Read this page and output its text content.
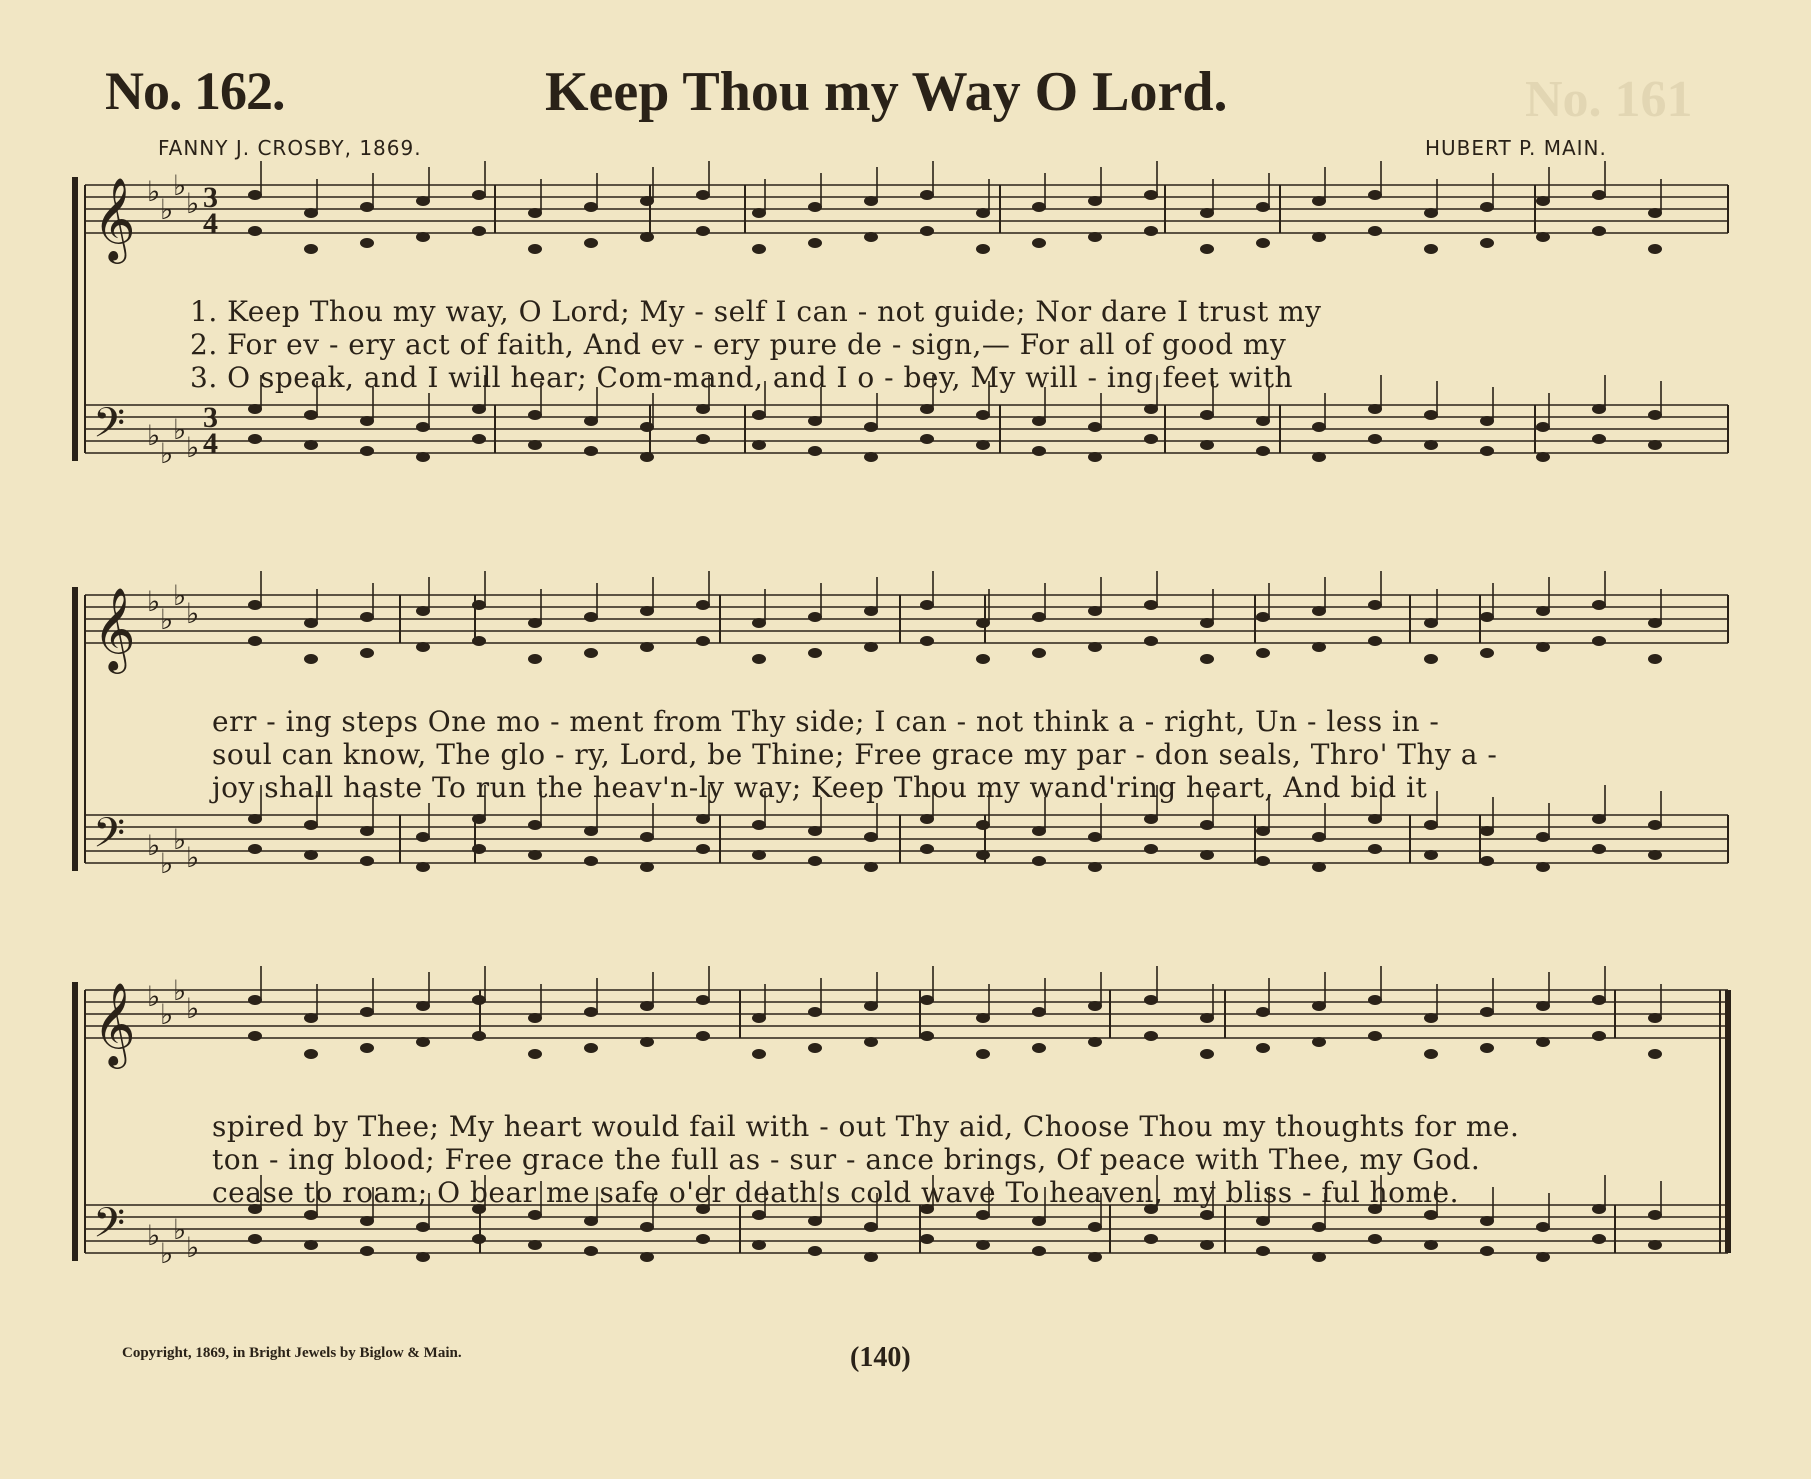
No. 161
No. 162.	Keep Thou my Way O Lord.
FANNY J. CROSBY, 1869.	HUBERT P. MAIN.
𝄞 ♭
♭
♭
♭ 3
4
𝄢 ♭
♭
♭
♭
3
4
𝄞 ♭
♭
♭
♭
𝄢 ♭
♭
♭
♭
𝄞 ♭
♭
♭
♭
𝄢 ♭
♭
♭
♭
1. Keep Thou my way, O Lord; My - self I can - not guide; Nor dare I trust my
2. For ev - ery act of faith, And ev - ery pure de - sign,— For all of good my
3. O speak, and I will hear; Com-mand, and I o - bey, My will - ing feet with
err - ing steps One mo - ment from Thy side; I can - not think a - right, Un - less in -
soul can know, The glo - ry, Lord, be Thine; Free grace my par - don seals, Thro' Thy a -
joy shall haste To run the heav'n-ly way; Keep Thou my wand'ring heart, And bid it
spired by Thee; My heart would fail with - out Thy aid, Choose Thou my thoughts for me.
ton - ing blood; Free grace the full as - sur - ance brings, Of peace with Thee, my God.
cease to roam; O bear me safe o'er death's cold wave To heaven, my bliss - ful home.
Copyright, 1869, in Bright Jewels by Biglow & Main.	(140)
